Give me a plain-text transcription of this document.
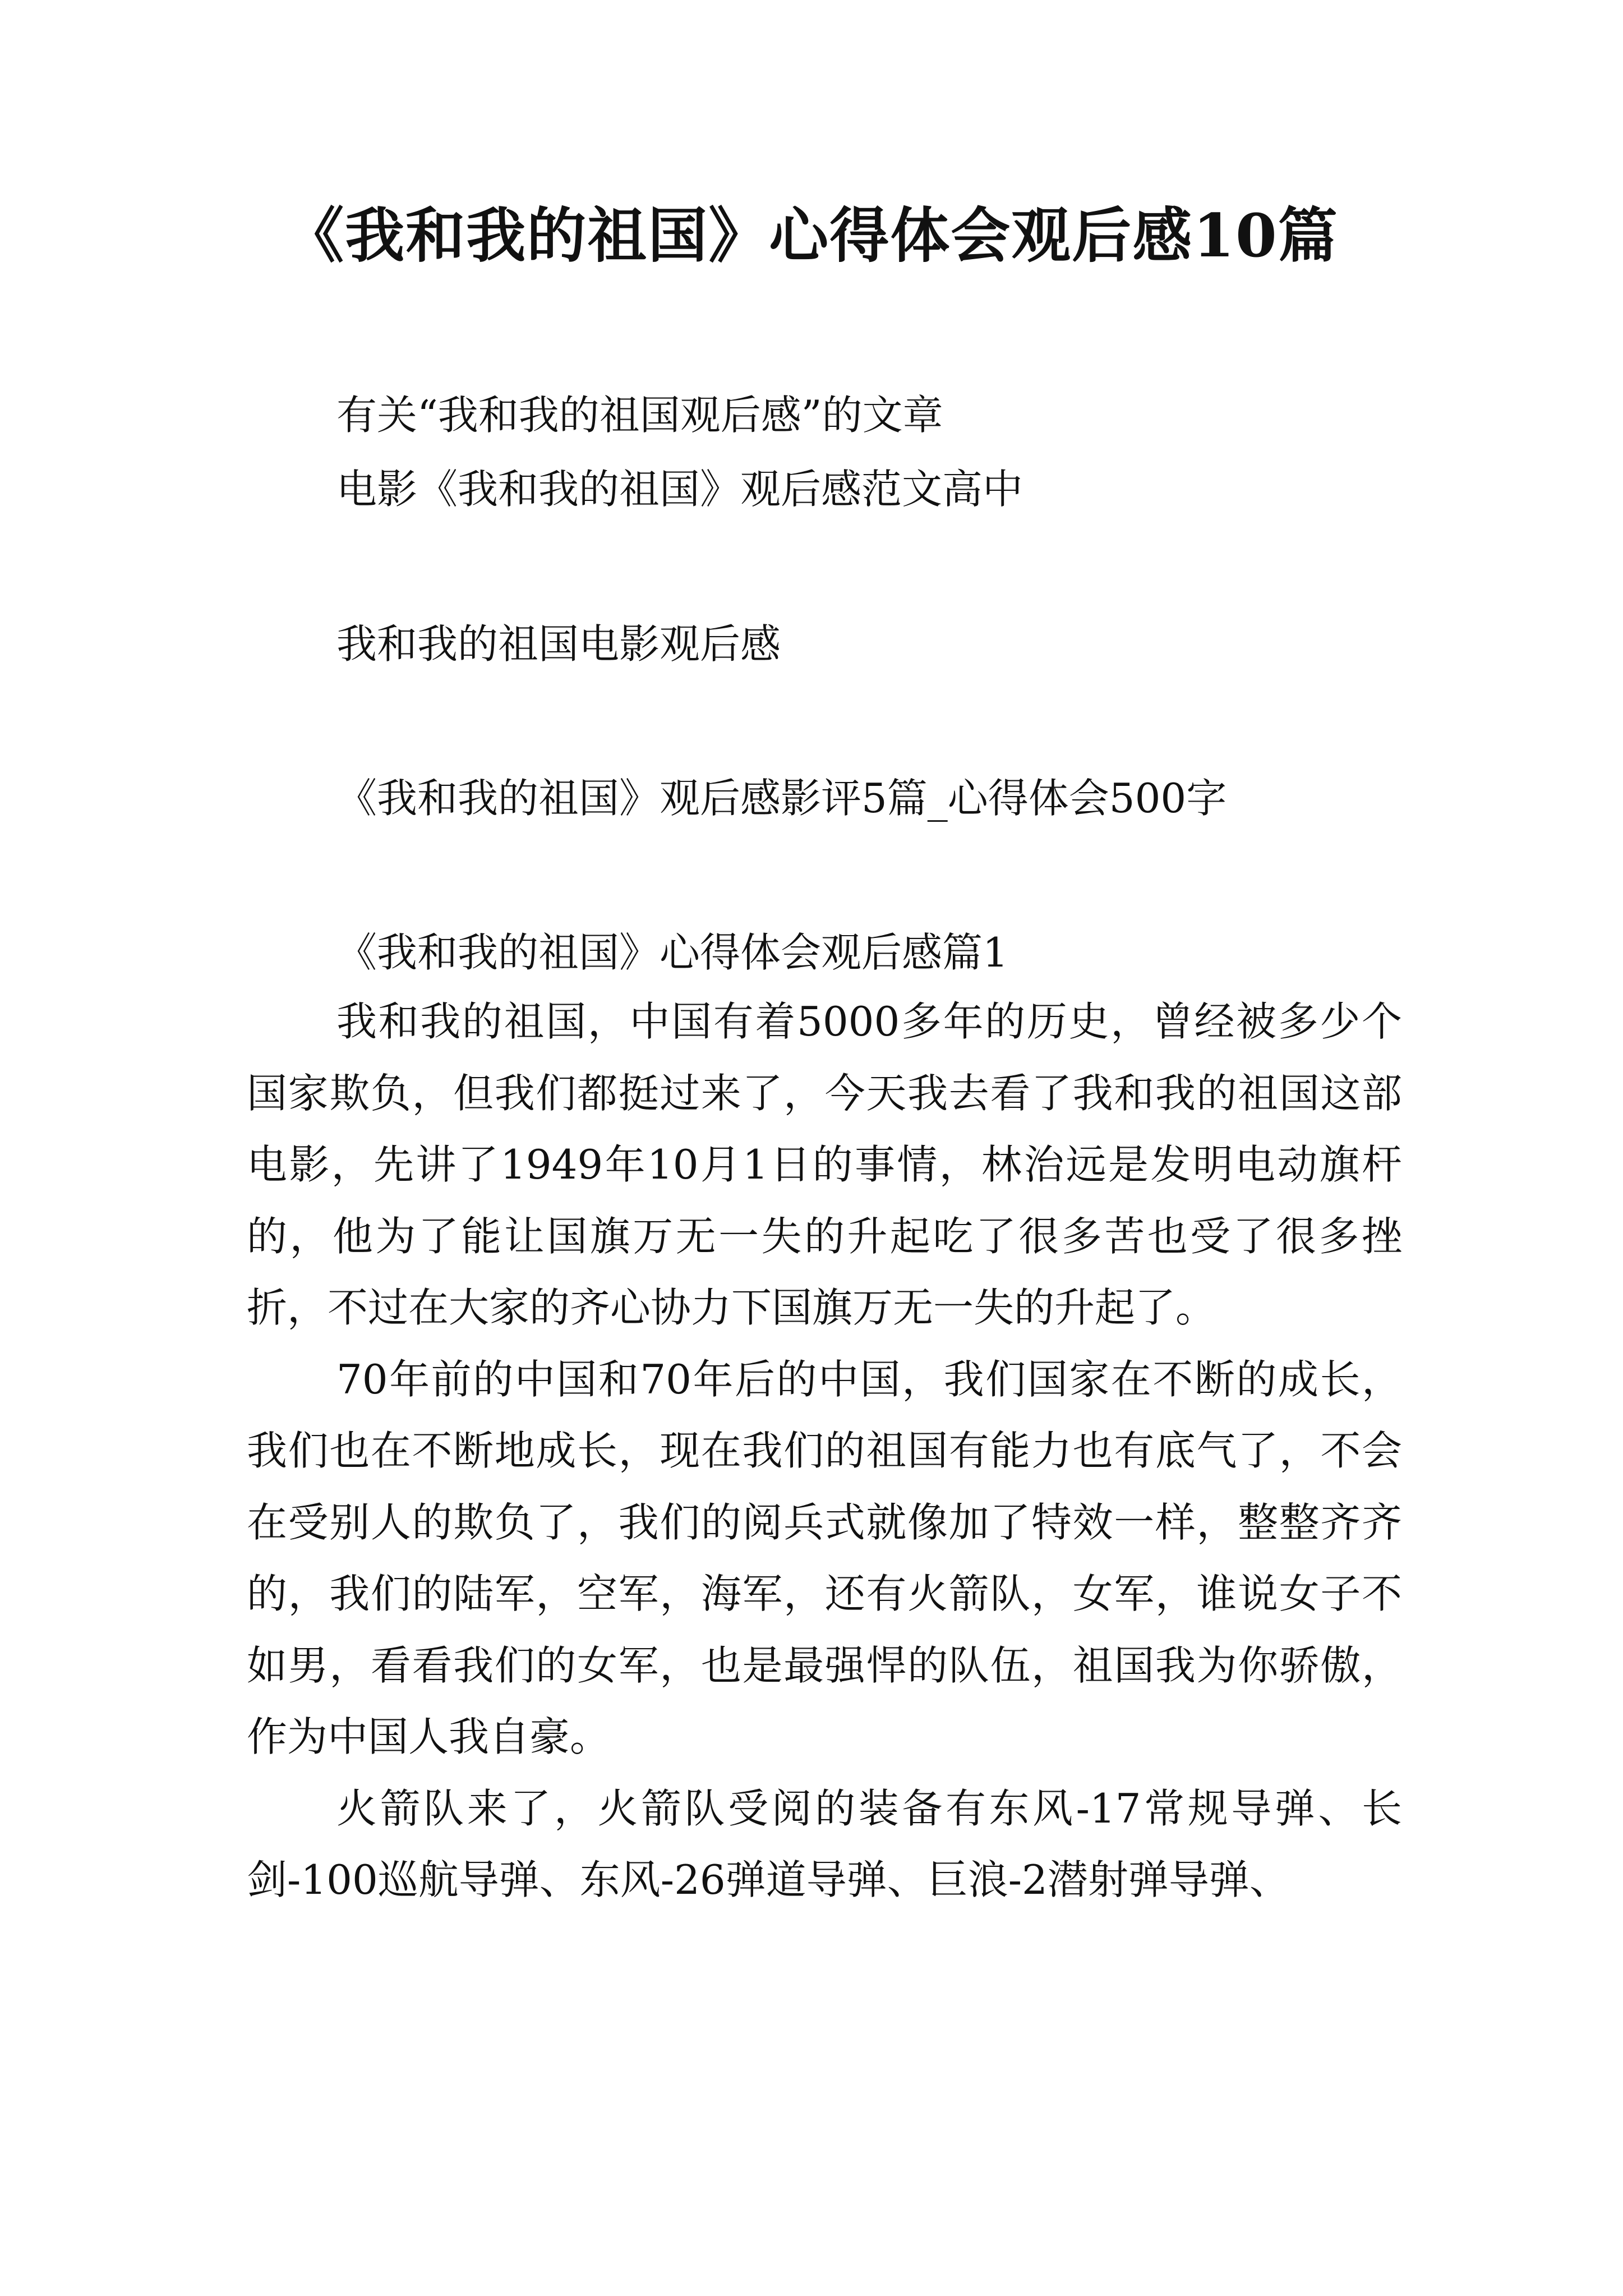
《我和我的祖国》心得体会观后感10篇
有关“我和我的祖国观后感”的文章
电影《我和我的祖国》观后感范文高中
我和我的祖国电影观后感
《我和我的祖国》观后感影评5篇_心得体会500字
《我和我的祖国》心得体会观后感篇1

我和我的祖国，中国有着5000多年的历史，曾经被多少个国家欺负，但我们都挺过来了，今天我去看了我和我的祖国这部电影，先讲了1949年10月1日的事情，林治远是发明电动旗杆的，他为了能让国旗万无一失的升起吃了很多苦也受了很多挫折，不过在大家的齐心协力下国旗万无一失的升起了。

70年前的中国和70年后的中国，我们国家在不断的成长，我们也在不断地成长，现在我们的祖国有能力也有底气了，不会在受别人的欺负了，我们的阅兵式就像加了特效一样，整整齐齐的，我们的陆军，空军，海军，还有火箭队，女军，谁说女子不如男，看看我们的女军，也是最强悍的队伍，祖国我为你骄傲，作为中国人我自豪。

火箭队来了，火箭队受阅的装备有东风-17常规导弹、长剑-100巡航导弹、东风-26弹道导弹、巨浪-2潜射弹导弹、
